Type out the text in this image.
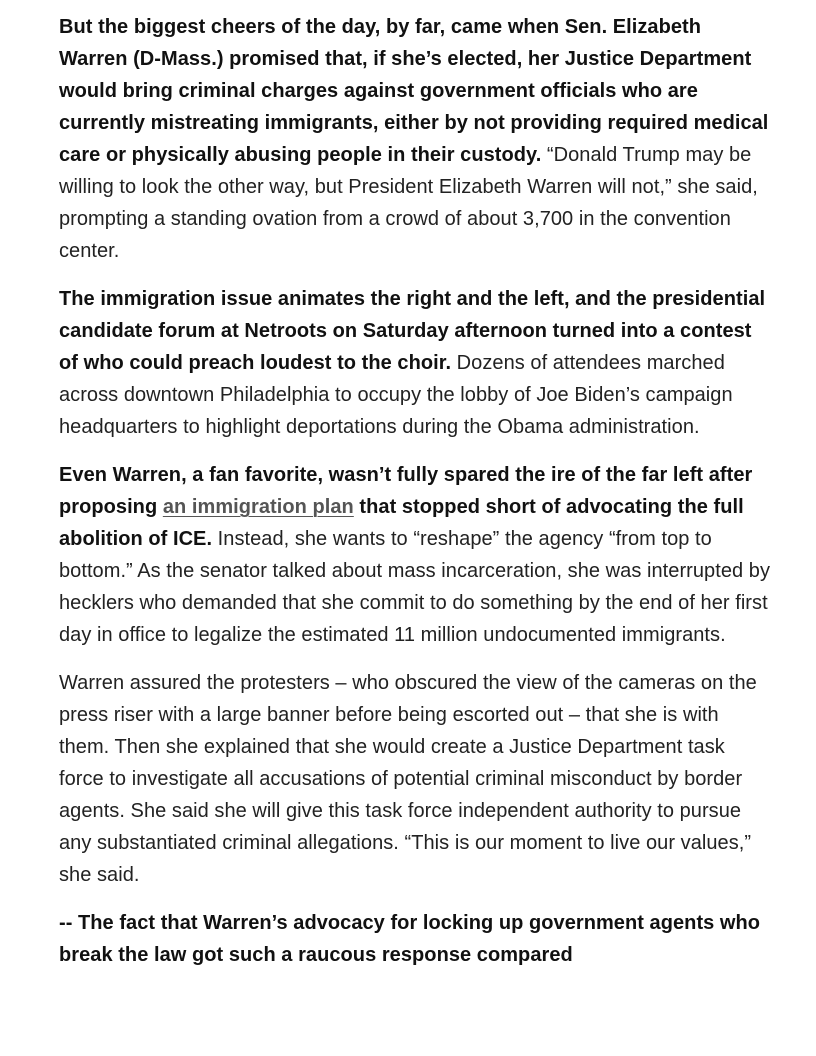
But the biggest cheers of the day, by far, came when Sen. Elizabeth Warren (D-Mass.) promised that, if she’s elected, her Justice Department would bring criminal charges against government officials who are currently mistreating immigrants, either by not providing required medical care or physically abusing people in their custody. “Donald Trump may be willing to look the other way, but President Elizabeth Warren will not,” she said, prompting a standing ovation from a crowd of about 3,700 in the convention center.

The immigration issue animates the right and the left, and the presidential candidate forum at Netroots on Saturday afternoon turned into a contest of who could preach loudest to the choir. Dozens of attendees marched across downtown Philadelphia to occupy the lobby of Joe Biden’s campaign headquarters to highlight deportations during the Obama administration.

Even Warren, a fan favorite, wasn’t fully spared the ire of the far left after proposing an immigration plan that stopped short of advocating the full abolition of ICE. Instead, she wants to “reshape” the agency “from top to bottom.” As the senator talked about mass incarceration, she was interrupted by hecklers who demanded that she commit to do something by the end of her first day in office to legalize the estimated 11 million undocumented immigrants.

Warren assured the protesters – who obscured the view of the cameras on the press riser with a large banner before being escorted out – that she is with them. Then she explained that she would create a Justice Department task force to investigate all accusations of potential criminal misconduct by border agents. She said she will give this task force independent authority to pursue any substantiated criminal allegations. “This is our moment to live our values,” she said.

-- The fact that Warren’s advocacy for locking up government agents who break the law got such a raucous response compared
